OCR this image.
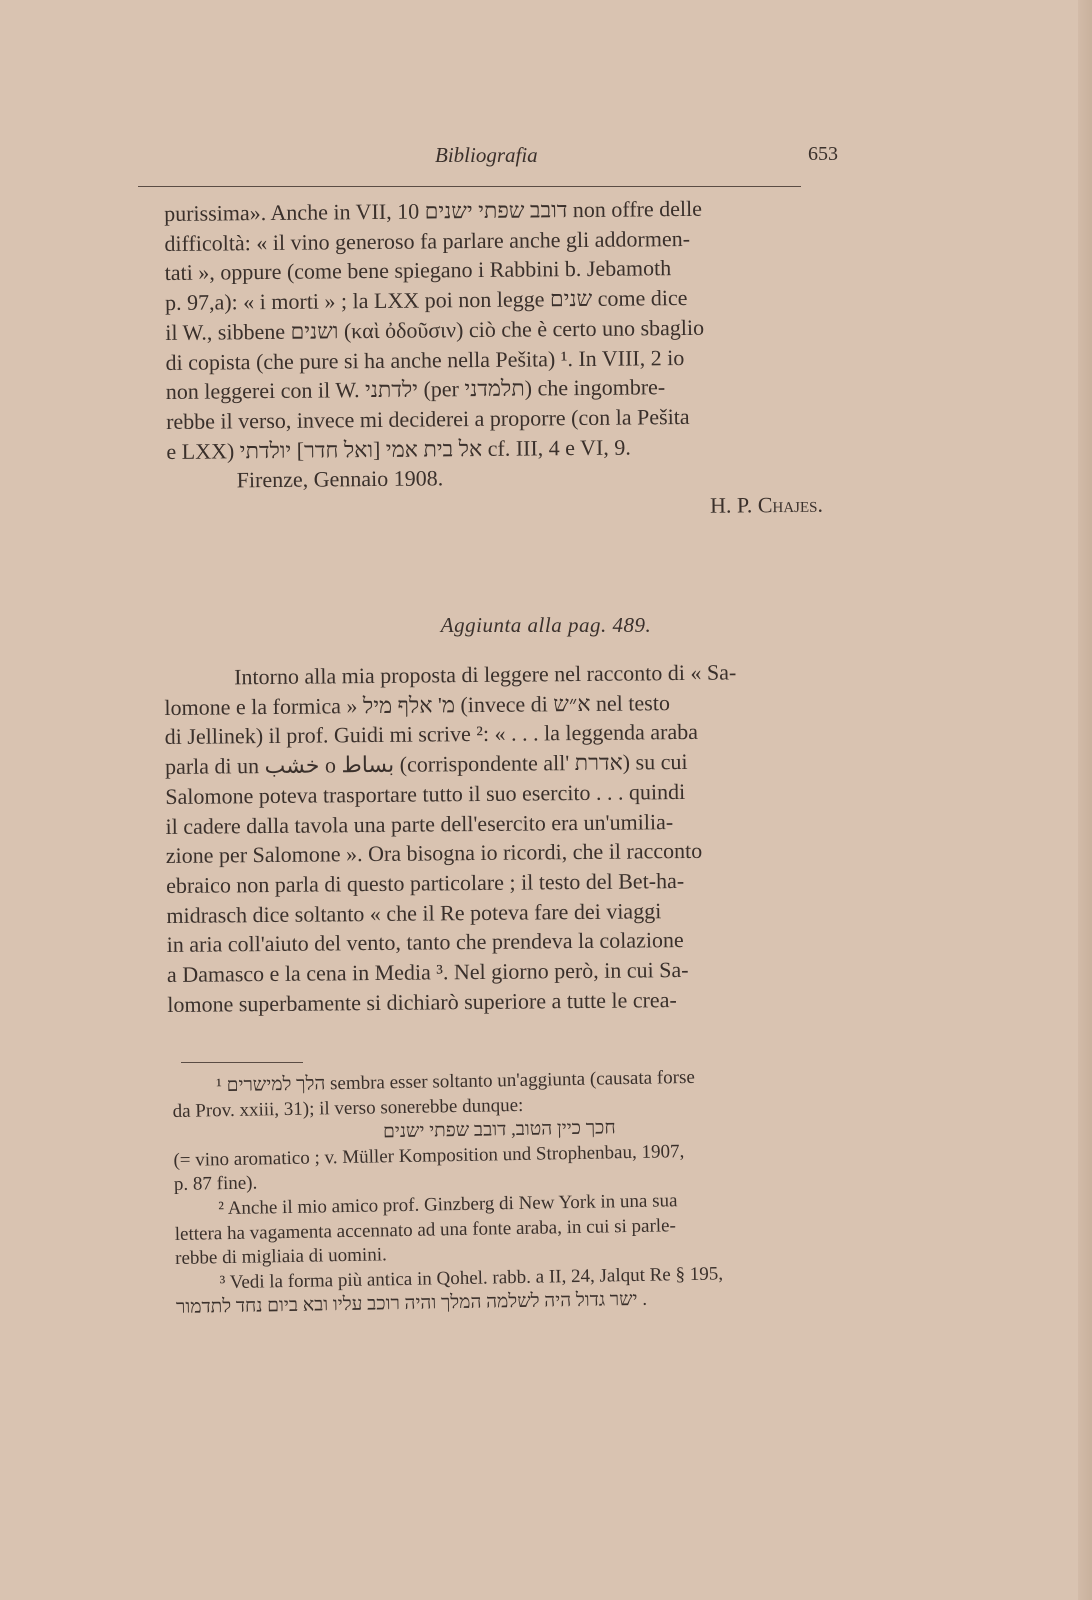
Bibliografia	653
purissima». Anche in VII, 10 דובב שפתי ישנים non offre delle
difficoltà: « il vino generoso fa parlare anche gli addormen-
tati », oppure (come bene spiegano i Rabbini b. Jebamoth
p. 97,a): « i morti » ; la LXX poi non legge שנים come dice
il W., sibbene ושנים (καὶ ὀδοῦσιν) ciò che è certo uno sbaglio
di copista (che pure si ha anche nella Pešita) ¹. In VIII, 2 io
non leggerei con il W. ילדתני (per תלמדני) che ingombre-
rebbe il verso, invece mi deciderei a proporre (con la Pešita
e LXX) אל בית אמי [ואל חדר] יולדתי cf. III, 4 e VI, 9.
Firenze, Gennaio 1908.
H. P. Chajes.
Aggiunta alla pag. 489.
Intorno alla mia proposta di leggere nel racconto di « Sa-
lomone e la formica » מ' אלף מיל (invece di א״ש nel testo
di Jellinek) il prof. Guidi mi scrive ²: « . . . la leggenda araba
parla di un خشب o بساط (corrispondente all' אדרת) su cui
Salomone poteva trasportare tutto il suo esercito . . . quindi
il cadere dalla tavola una parte dell'esercito era un'umilia-
zione per Salomone ». Ora bisogna io ricordi, che il racconto
ebraico non parla di questo particolare ; il testo del Bet-ha-
midrasch dice soltanto « che il Re poteva fare dei viaggi
in aria coll'aiuto del vento, tanto che prendeva la colazione
a Damasco e la cena in Media ³. Nel giorno però, in cui Sa-
lomone superbamente si dichiarò superiore a tutte le crea-
¹ הלך למישרים sembra esser soltanto un'aggiunta (causata forse
da Prov. xxiii, 31); il verso sonerebbe dunque:
חכך כיין הטוב, דובב שפתי ישנים
(= vino aromatico ; v. Müller Komposition und Strophenbau, 1907,
p. 87 fine).
² Anche il mio amico prof. Ginzberg di New York in una sua
lettera ha vagamenta accennato ad una fonte araba, in cui si parle-
rebbe di migliaia di uomini.
³ Vedi la forma più antica in Qohel. rabb. a II, 24, Jalqut Re § 195,
ישר גדול היה לשלמה המלך והיה רוכב עליו ובא ביום נחד לתדמור .
